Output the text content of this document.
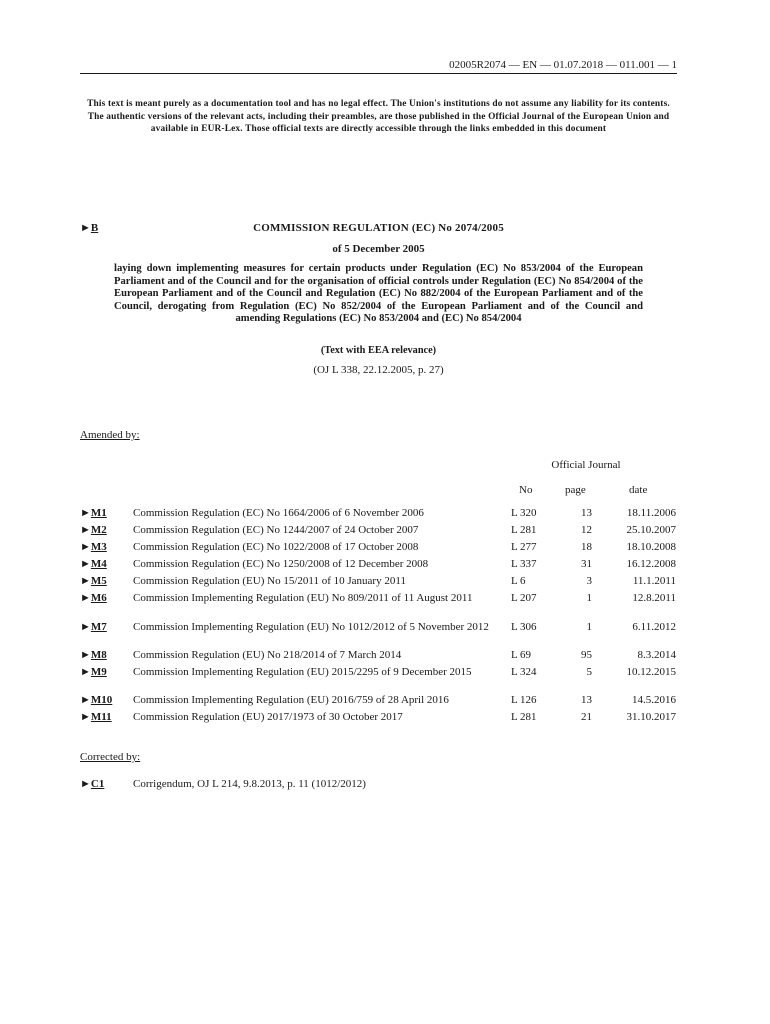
02005R2074 — EN — 01.07.2018 — 011.001 — 1
This text is meant purely as a documentation tool and has no legal effect. The Union's institutions do not assume any liability for its contents. The authentic versions of the relevant acts, including their preambles, are those published in the Official Journal of the European Union and available in EUR-Lex. Those official texts are directly accessible through the links embedded in this document
►B	COMMISSION REGULATION (EC) No 2074/2005
of 5 December 2005
laying down implementing measures for certain products under Regulation (EC) No 853/2004 of the European Parliament and of the Council and for the organisation of official controls under Regulation (EC) No 854/2004 of the European Parliament and of the Council and Regulation (EC) No 882/2004 of the European Parliament and of the Council, derogating from Regulation (EC) No 852/2004 of the European Parliament and of the Council and amending Regulations (EC) No 853/2004 and (EC) No 854/2004
(Text with EEA relevance)
(OJ L 338, 22.12.2005, p. 27)
Amended by:
Official Journal
No	page	date
►M1 Commission Regulation (EC) No 1664/2006 of 6 November 2006	L 320	13	18.11.2006
►M2 Commission Regulation (EC) No 1244/2007 of 24 October 2007	L 281	12	25.10.2007
►M3 Commission Regulation (EC) No 1022/2008 of 17 October 2008	L 277	18	18.10.2008
►M4 Commission Regulation (EC) No 1250/2008 of 12 December 2008	L 337	31	16.12.2008
►M5 Commission Regulation (EU) No 15/2011 of 10 January 2011	L 6	3	11.1.2011
►M6 Commission Implementing Regulation (EU) No 809/2011 of 11 August 2011	L 207	1	12.8.2011
►M7 Commission Implementing Regulation (EU) No 1012/2012 of 5 November 2012	L 306	1	6.11.2012
►M8 Commission Regulation (EU) No 218/2014 of 7 March 2014	L 69	95	8.3.2014
►M9 Commission Implementing Regulation (EU) 2015/2295 of 9 December 2015	L 324	5	10.12.2015
►M10 Commission Implementing Regulation (EU) 2016/759 of 28 April 2016	L 126	13	14.5.2016
►M11 Commission Regulation (EU) 2017/1973 of 30 October 2017	L 281	21	31.10.2017
Corrected by:
►C1	Corrigendum, OJ L 214, 9.8.2013, p. 11 (1012/2012)
